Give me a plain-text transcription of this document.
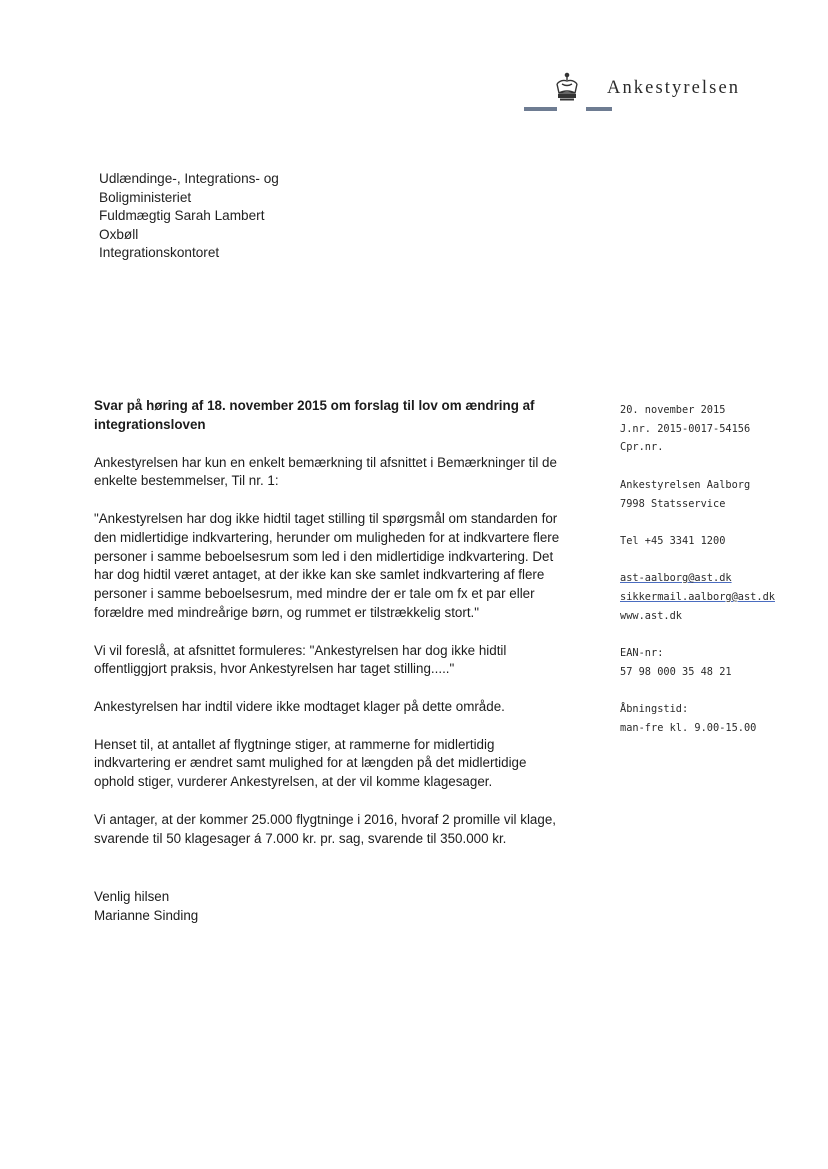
Ankestyrelsen
Udlændinge-, Integrations- og
Boligministeriet
Fuldmægtig Sarah Lambert
Oxbøll
Integrationskontoret
Svar på høring af 18. november 2015 om forslag til lov om ændring af integrationsloven
Ankestyrelsen har kun en enkelt bemærkning til afsnittet i Bemærkninger til de enkelte bestemmelser, Til nr. 1:
"Ankestyrelsen har dog ikke hidtil taget stilling til spørgsmål om standarden for den midlertidige indkvartering, herunder om muligheden for at indkvartere flere personer i samme beboelsesrum som led i den midlertidige indkvartering. Det har dog hidtil været antaget, at der ikke kan ske samlet indkvartering af flere personer i samme beboelsesrum, med mindre der er tale om fx et par eller forældre med mindreårige børn, og rummet er tilstrækkelig stort."
Vi vil foreslå, at afsnittet formuleres: "Ankestyrelsen har dog ikke hidtil offentliggjort praksis, hvor Ankestyrelsen har taget stilling....."
Ankestyrelsen har indtil videre ikke modtaget klager på dette område.
Henset til, at antallet af flygtninge stiger, at rammerne for midlertidig indkvartering er ændret samt mulighed for at længden på det midlertidige ophold stiger, vurderer Ankestyrelsen, at der vil komme klagesager.
Vi antager, at der kommer 25.000 flygtninge i 2016, hvoraf 2 promille vil klage, svarende til 50 klagesager á 7.000 kr. pr. sag, svarende til 350.000 kr.
Venlig hilsen
Marianne Sinding
20. november 2015
J.nr. 2015-0017-54156
Cpr.nr.
Ankestyrelsen Aalborg
7998 Statsservice
Tel +45 3341 1200
ast-aalborg@ast.dk
sikkermail.aalborg@ast.dk
www.ast.dk
EAN-nr:
57 98 000 35 48 21
Åbningstid:
man-fre kl. 9.00-15.00
